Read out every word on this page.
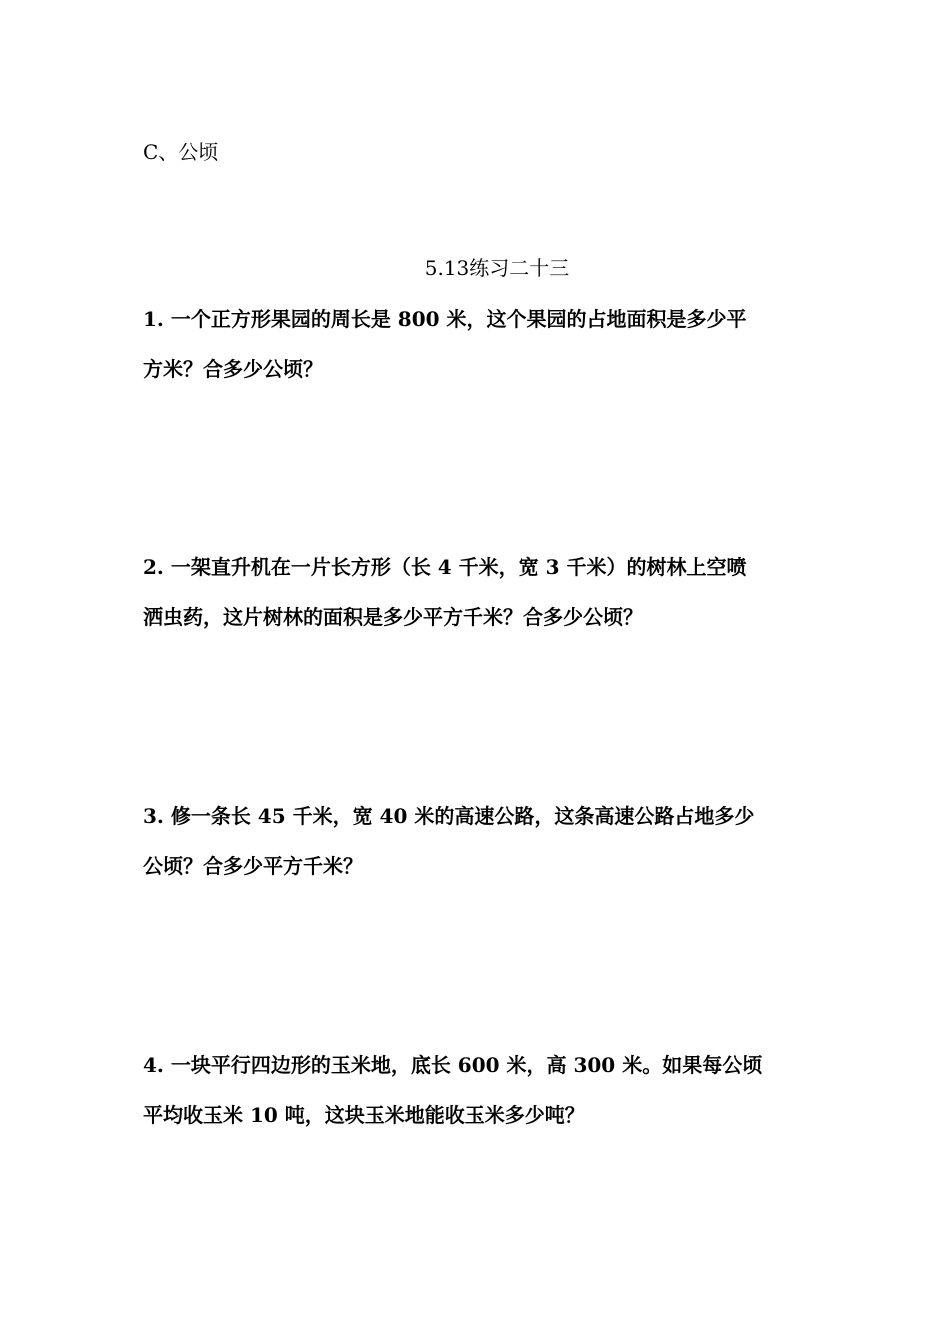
C、公顷
5.13练习二十三
1. 一个正方形果园的周长是 800 米，这个果园的占地面积是多少平
方米？合多少公顷？
2. 一架直升机在一片长方形（长 4 千米，宽 3 千米）的树林上空喷
洒虫药，这片树林的面积是多少平方千米？合多少公顷？
3. 修一条长 45 千米，宽 40 米的高速公路，这条高速公路占地多少
公顷？合多少平方千米？
4. 一块平行四边形的玉米地，底长 600 米，高 300 米。如果每公顷
平均收玉米 10 吨，这块玉米地能收玉米多少吨？
